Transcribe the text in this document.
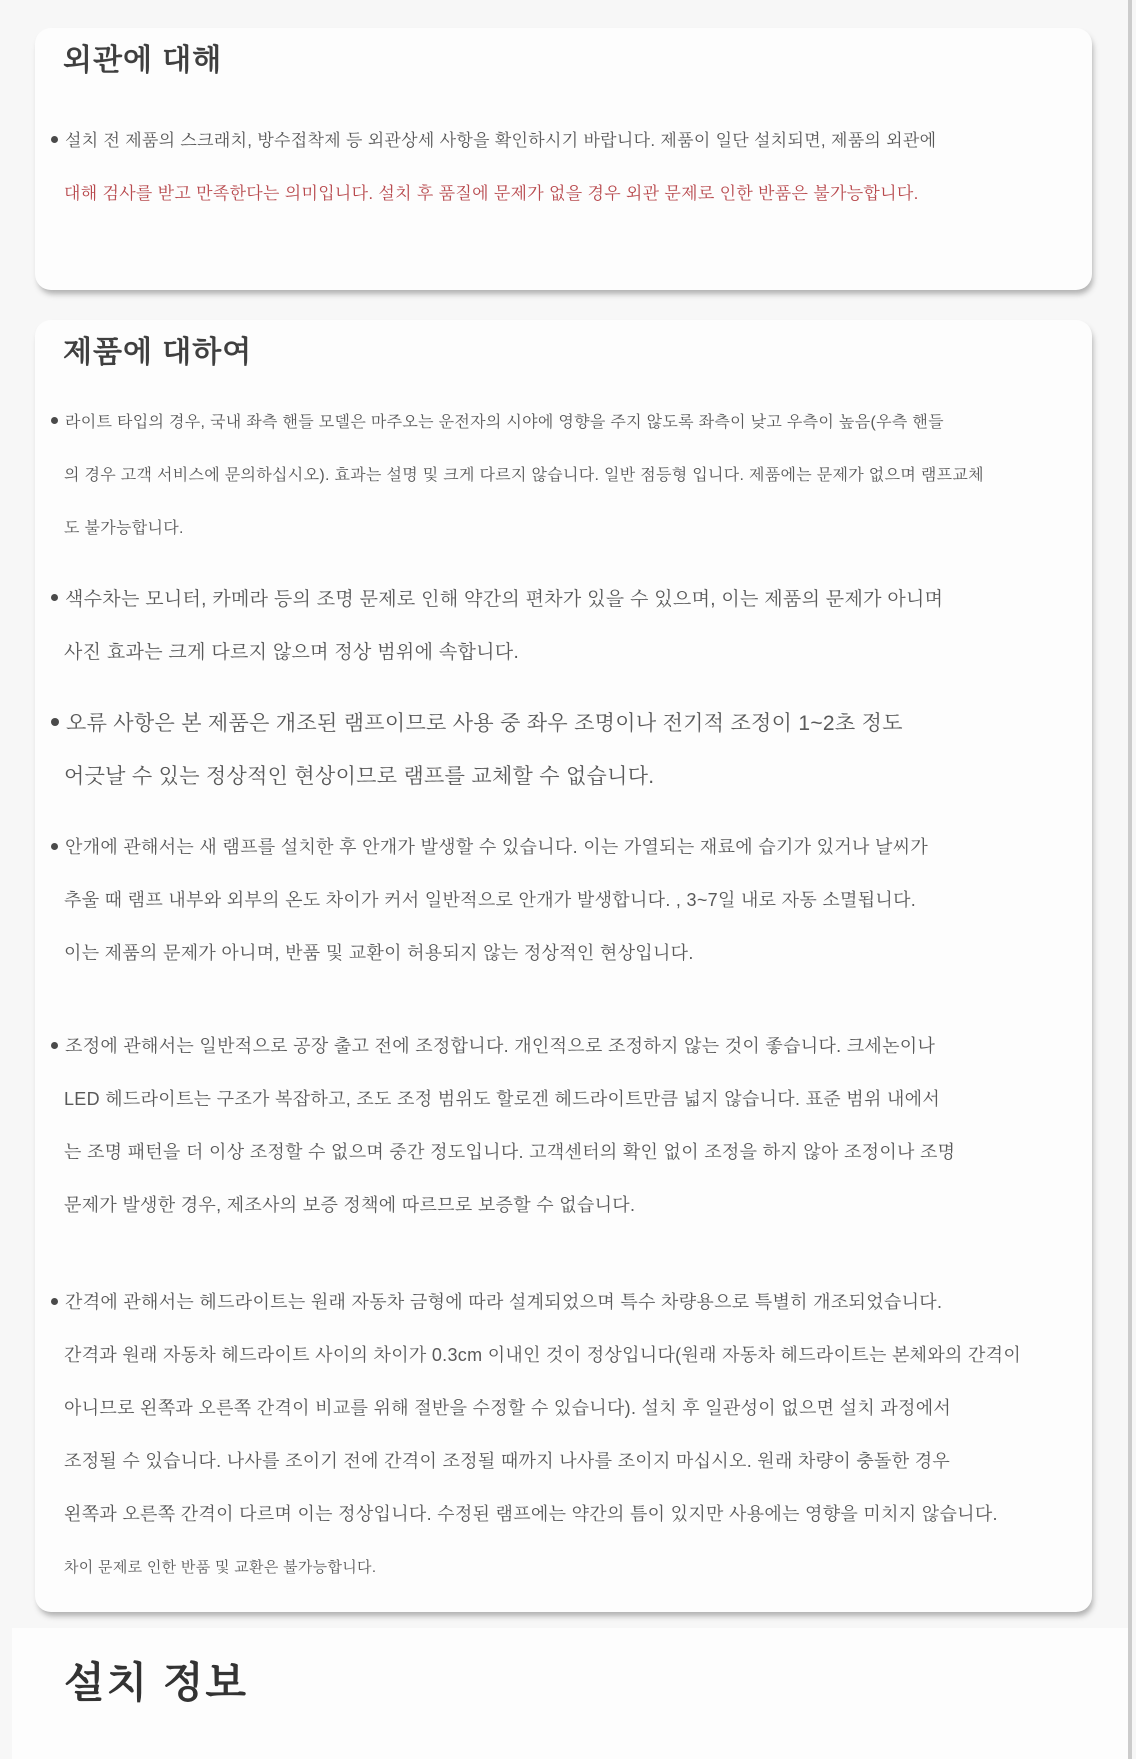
외관에 대해
설치 전 제품의 스크래치, 방수접착제 등 외관상세 사항을 확인하시기 바랍니다. 제품이 일단 설치되면, 제품의 외관에
대해 검사를 받고 만족한다는 의미입니다. 설치 후 품질에 문제가 없을 경우 외관 문제로 인한 반품은 불가능합니다.
제품에 대하여
라이트 타입의 경우, 국내 좌측 핸들 모델은 마주오는 운전자의 시야에 영향을 주지 않도록 좌측이 낮고 우측이 높음(우측 핸들
의 경우 고객 서비스에 문의하십시오). 효과는 설명 및 크게 다르지 않습니다. 일반 점등형 입니다. 제품에는 문제가 없으며 램프교체
도 불가능합니다.
색수차는 모니터, 카메라 등의 조명 문제로 인해 약간의 편차가 있을 수 있으며, 이는 제품의 문제가 아니며
사진 효과는 크게 다르지 않으며 정상 범위에 속합니다.
오류 사항은 본 제품은 개조된 램프이므로 사용 중 좌우 조명이나 전기적 조정이 1~2초 정도
어긋날 수 있는 정상적인 현상이므로 램프를 교체할 수 없습니다.
안개에 관해서는 새 램프를 설치한 후 안개가 발생할 수 있습니다. 이는 가열되는 재료에 습기가 있거나 날씨가
추울 때 램프 내부와 외부의 온도 차이가 커서 일반적으로 안개가 발생합니다. , 3~7일 내로 자동 소멸됩니다.
이는 제품의 문제가 아니며, 반품 및 교환이 허용되지 않는 정상적인 현상입니다.
조정에 관해서는 일반적으로 공장 출고 전에 조정합니다. 개인적으로 조정하지 않는 것이 좋습니다. 크세논이나
LED 헤드라이트는 구조가 복잡하고, 조도 조정 범위도 할로겐 헤드라이트만큼 넓지 않습니다. 표준 범위 내에서
는 조명 패턴을 더 이상 조정할 수 없으며 중간 정도입니다. 고객센터의 확인 없이 조정을 하지 않아 조정이나 조명
문제가 발생한 경우, 제조사의 보증 정책에 따르므로 보증할 수 없습니다.
간격에 관해서는 헤드라이트는 원래 자동차 금형에 따라 설계되었으며 특수 차량용으로 특별히 개조되었습니다.
간격과 원래 자동차 헤드라이트 사이의 차이가 0.3cm 이내인 것이 정상입니다(원래 자동차 헤드라이트는 본체와의 간격이
아니므로 왼쪽과 오른쪽 간격이 비교를 위해 절반을 수정할 수 있습니다). 설치 후 일관성이 없으면 설치 과정에서
조정될 수 있습니다. 나사를 조이기 전에 간격이 조정될 때까지 나사를 조이지 마십시오. 원래 차량이 충돌한 경우
왼쪽과 오른쪽 간격이 다르며 이는 정상입니다. 수정된 램프에는 약간의 틈이 있지만 사용에는 영향을 미치지 않습니다.
차이 문제로 인한 반품 및 교환은 불가능합니다.
설치 정보
